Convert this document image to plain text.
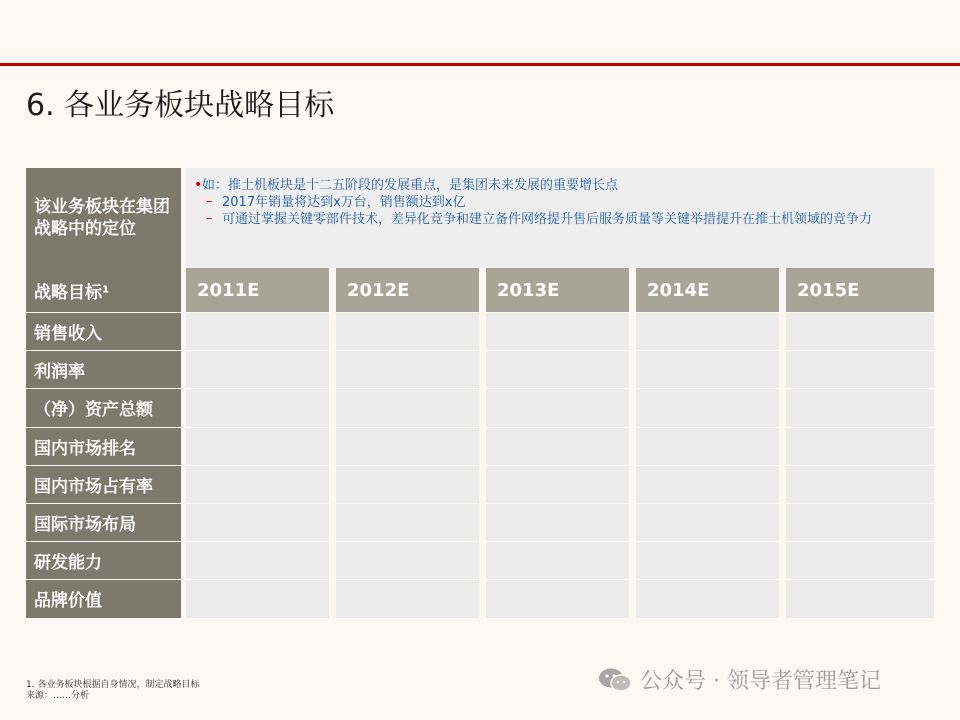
6. 各业务板块战略目标
该业务板块在集团战略中的定位
• 如：推土机板块是十二五阶段的发展重点，是集团未来发展的重要增长点
– 2017年销量将达到x万台，销售额达到x亿
– 可通过掌握关键零部件技术，差异化竞争和建立备件网络提升售后服务质量等关键举措提升在推土机领域的竞争力
战略目标¹	2011E	2012E	2013E	2014E	2015E
销售收入
利润率
（净）资产总额
国内市场排名
国内市场占有率
国际市场布局
研发能力
品牌价值
1. 各业务板块根据自身情况，制定战略目标
来源：……分析
公众号 · 领导者管理笔记
